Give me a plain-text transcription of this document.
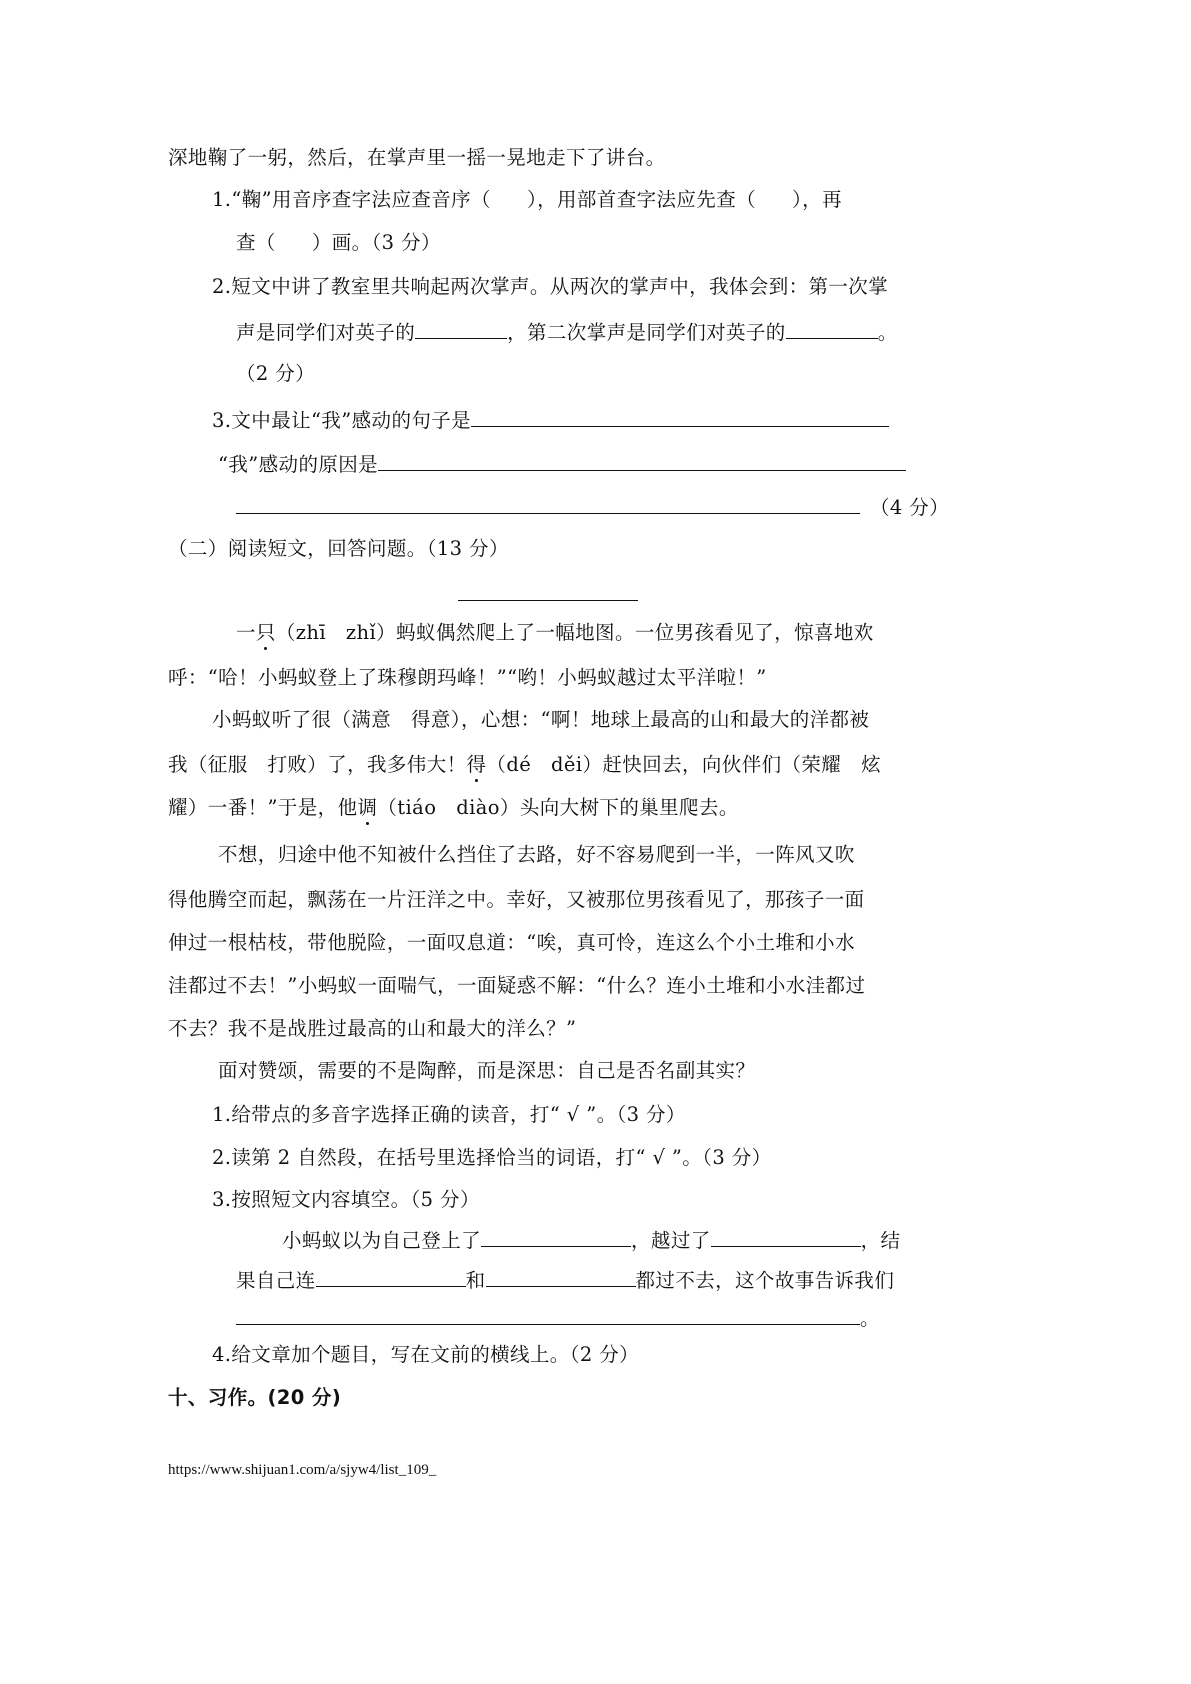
深地鞠了一躬，然后，在掌声里一摇一晃地走下了讲台。
1.“鞠”用音序查字法应查音序（ ），用部首查字法应先查（ ），再
查（ ）画。（3 分）
2.短文中讲了教室里共响起两次掌声。从两次的掌声中，我体会到：第一次掌
声是同学们对英子的	，第二次掌声是同学们对英子的	。
（2 分）
3.文中最让“我”感动的句子是
“我”感动的原因是
（4 分）
（二）阅读短文，回答问题。（13 分）
一只（zhī　zhǐ）蚂蚁偶然爬上了一幅地图。一位男孩看见了，惊喜地欢
呼：“哈！小蚂蚁登上了珠穆朗玛峰！”“哟！小蚂蚁越过太平洋啦！”
小蚂蚁听了很（满意　得意），心想：“啊！地球上最高的山和最大的洋都被
我（征服　打败）了，我多伟大！得（dé　děi）赶快回去，向伙伴们（荣耀　炫
耀）一番！”于是，他调（tiáo　diào）头向大树下的巢里爬去。
不想，归途中他不知被什么挡住了去路，好不容易爬到一半，一阵风又吹
得他腾空而起，飘荡在一片汪洋之中。幸好，又被那位男孩看见了，那孩子一面
伸过一根枯枝，带他脱险，一面叹息道：“唉，真可怜，连这么个小土堆和小水
洼都过不去！”小蚂蚁一面喘气，一面疑惑不解：“什么？连小土堆和小水洼都过
不去？我不是战胜过最高的山和最大的洋么？”
面对赞颂，需要的不是陶醉，而是深思：自己是否名副其实？
1.给带点的多音字选择正确的读音，打“ √ ”。（3 分）
2.读第 2 自然段，在括号里选择恰当的词语，打“ √ ”。（3 分）
3.按照短文内容填空。（5 分）
小蚂蚁以为自己登上了	，越过了	，结
果自己连	和	都过不去，这个故事告诉我们
。
4.给文章加个题目，写在文前的横线上。（2 分）
十、习作。(20 分)
https://www.shijuan1.com/a/sjyw4/list_109_
